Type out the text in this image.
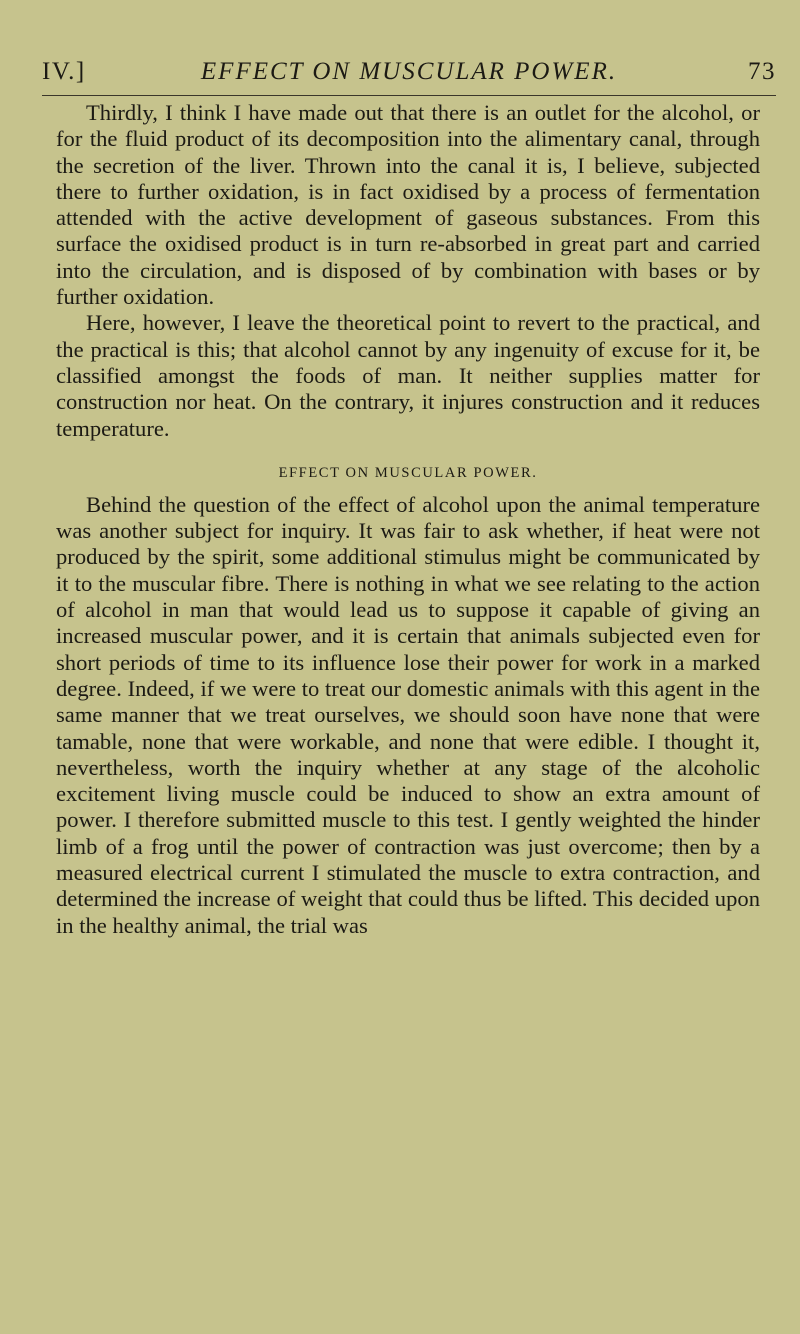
IV.]	EFFECT ON MUSCULAR POWER.	73

Thirdly, I think I have made out that there is an outlet for the alcohol, or for the fluid product of its decomposition into the alimentary canal, through the secretion of the liver. Thrown into the canal it is, I believe, subjected there to further oxidation, is in fact oxidised by a process of fermentation attended with the active development of gaseous substances. From this surface the oxidised product is in turn re-absorbed in great part and carried into the circulation, and is disposed of by combination with bases or by further oxidation.

Here, however, I leave the theoretical point to revert to the practical, and the practical is this; that alcohol cannot by any ingenuity of excuse for it, be classified amongst the foods of man. It neither supplies matter for construction nor heat. On the contrary, it injures construction and it reduces temperature.

EFFECT ON MUSCULAR POWER.

Behind the question of the effect of alcohol upon the animal temperature was another subject for inquiry. It was fair to ask whether, if heat were not produced by the spirit, some additional stimulus might be communicated by it to the muscular fibre. There is nothing in what we see relating to the action of alcohol in man that would lead us to suppose it capable of giving an increased muscular power, and it is certain that animals subjected even for short periods of time to its influence lose their power for work in a marked degree. Indeed, if we were to treat our domestic animals with this agent in the same manner that we treat ourselves, we should soon have none that were tamable, none that were workable, and none that were edible. I thought it, nevertheless, worth the inquiry whether at any stage of the alcoholic excitement living muscle could be induced to show an extra amount of power. I therefore submitted muscle to this test. I gently weighted the hinder limb of a frog until the power of contraction was just overcome; then by a measured electrical current I stimulated the muscle to extra contraction, and determined the increase of weight that could thus be lifted. This decided upon in the healthy animal, the trial was
